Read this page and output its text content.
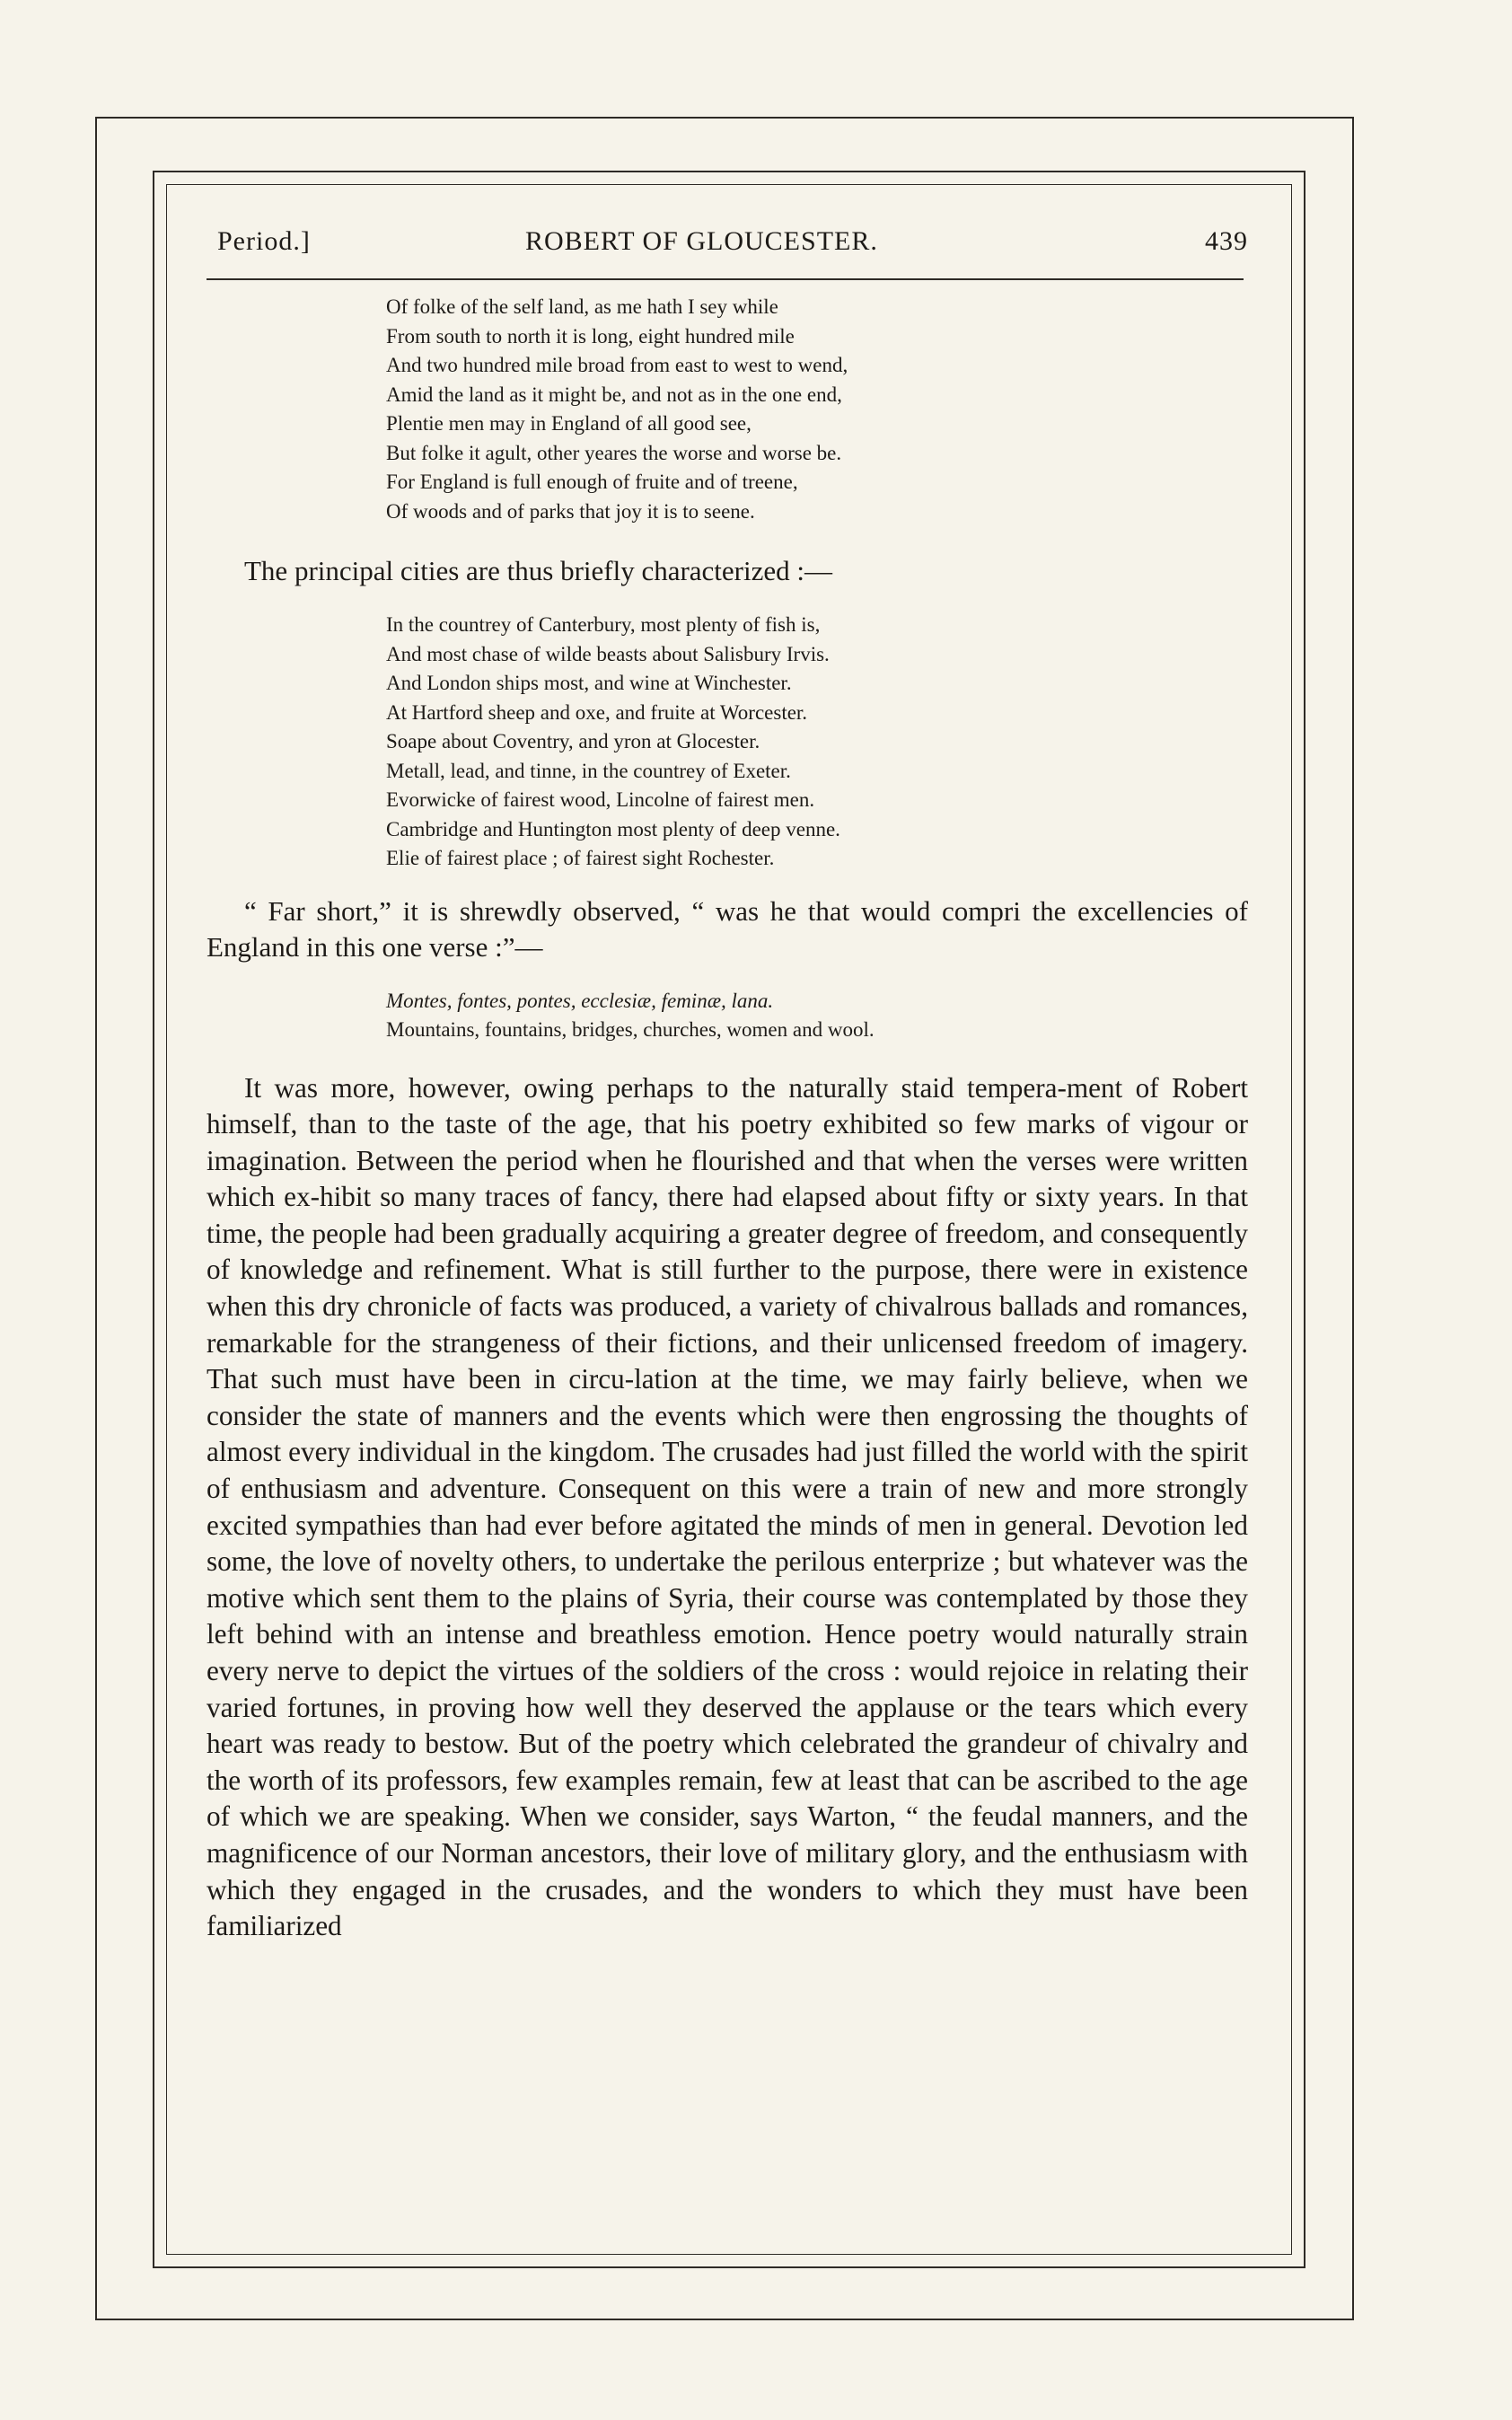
Period.]	ROBERT OF GLOUCESTER.	439
Of folke of the self land, as me hath I sey while
From south to north it is long, eight hundred mile
And two hundred mile broad from east to west to wend,
Amid the land as it might be, and not as in the one end,
Plentie men may in England of all good see,
But folke it agult, other yeares the worse and worse be.
For England is full enough of fruite and of treene,
Of woods and of parks that joy it is to seene.

The principal cities are thus briefly characterized :—

In the countrey of Canterbury, most plenty of fish is,
And most chase of wilde beasts about Salisbury Irvis.
And London ships most, and wine at Winchester.
At Hartford sheep and oxe, and fruite at Worcester.
Soape about Coventry, and yron at Glocester.
Metall, lead, and tinne, in the countrey of Exeter.
Evorwicke of fairest wood, Lincolne of fairest men.
Cambridge and Huntington most plenty of deep venne.
Elie of fairest place ; of fairest sight Rochester.

“ Far short,” it is shrewdly observed, “ was he that would compri the excellencies of England in this one verse :”—

Montes, fontes, pontes, ecclesiæ, feminæ, lana.
Mountains, fountains, bridges, churches, women and wool.

It was more, however, owing perhaps to the naturally staid tempera-ment of Robert himself, than to the taste of the age, that his poetry exhibited so few marks of vigour or imagination. Between the period when he flourished and that when the verses were written which ex-hibit so many traces of fancy, there had elapsed about fifty or sixty years. In that time, the people had been gradually acquiring a greater degree of freedom, and consequently of knowledge and refinement. What is still further to the purpose, there were in existence when this dry chronicle of facts was produced, a variety of chivalrous ballads and romances, remarkable for the strangeness of their fictions, and their unlicensed freedom of imagery. That such must have been in circu-lation at the time, we may fairly believe, when we consider the state of manners and the events which were then engrossing the thoughts of almost every individual in the kingdom. The crusades had just filled the world with the spirit of enthusiasm and adventure. Consequent on this were a train of new and more strongly excited sympathies than had ever before agitated the minds of men in general. Devotion led some, the love of novelty others, to undertake the perilous enterprize ; but whatever was the motive which sent them to the plains of Syria, their course was contemplated by those they left behind with an intense and breathless emotion. Hence poetry would naturally strain every nerve to depict the virtues of the soldiers of the cross : would rejoice in relating their varied fortunes, in proving how well they deserved the applause or the tears which every heart was ready to bestow. But of the poetry which celebrated the grandeur of chivalry and the worth of its professors, few examples remain, few at least that can be ascribed to the age of which we are speaking. When we consider, says Warton, “ the feudal manners, and the magnificence of our Norman ancestors, their love of military glory, and the enthusiasm with which they engaged in the crusades, and the wonders to which they must have been familiarized
